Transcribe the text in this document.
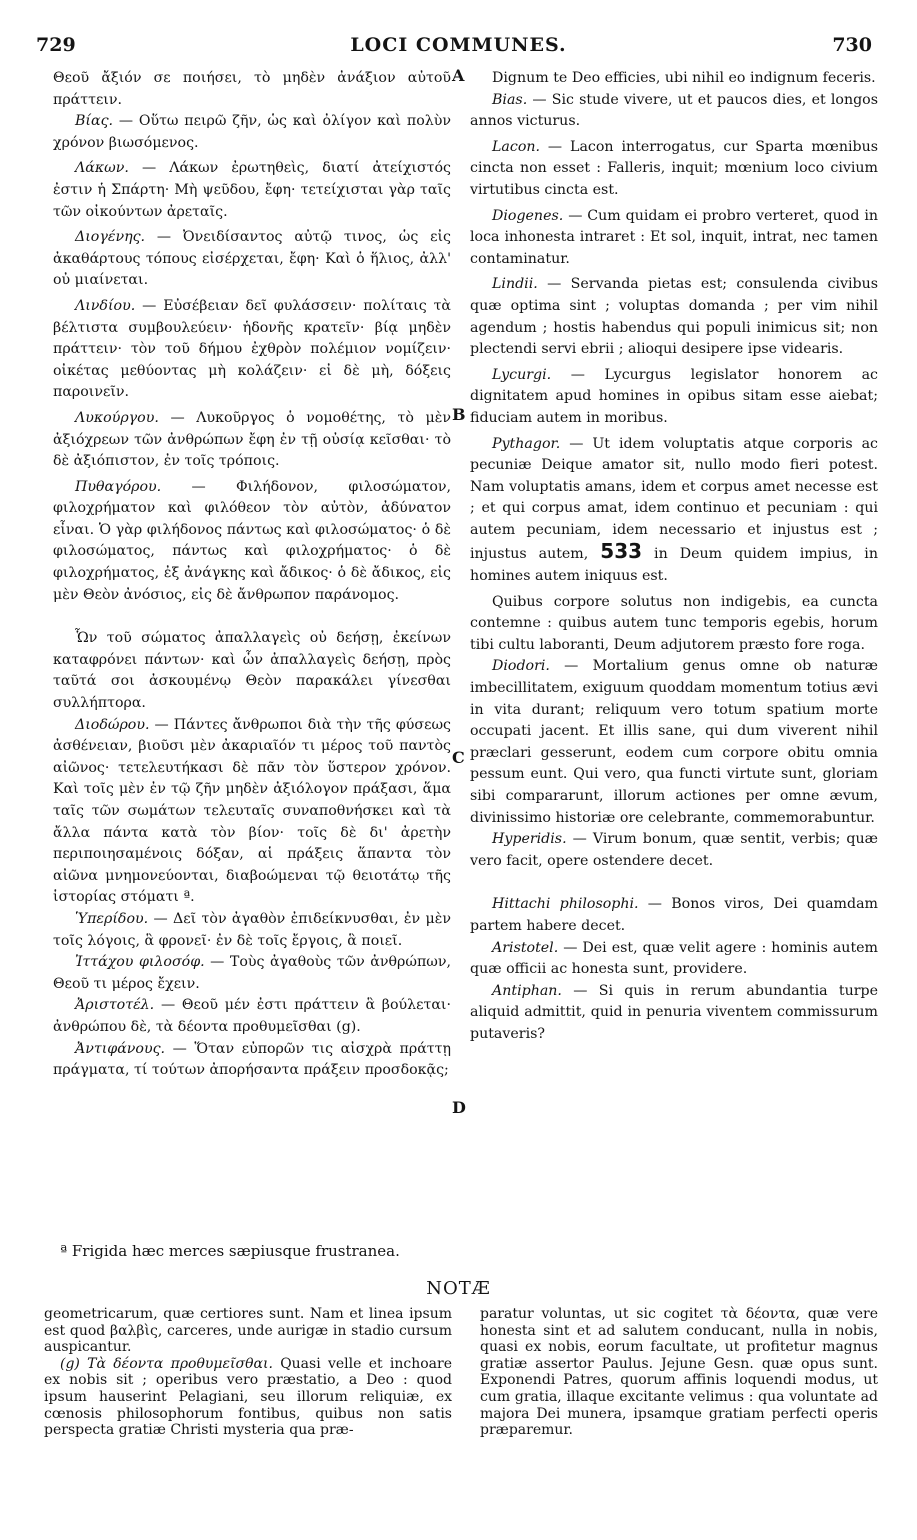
729	LOCI COMMUNES.	730
A
B
C
D

Θεοῦ ἄξιόν σε ποιήσει, τὸ μηδὲν ἀνάξιον αὐτοῦ πράττειν.

Βίας. — Οὕτω πειρῶ ζῆν, ὡς καὶ ὀλίγον καὶ πολὺν χρόνον βιωσόμενος.

Λάκων. — Λάκων ἐρωτηθεὶς, διατί ἀτείχιστός ἐστιν ἡ Σπάρτη· Μὴ ψεῦδου, ἔφη· τετείχισται γὰρ ταῖς τῶν οἰκούντων ἀρεταῖς.

Διογένης. — Ὀνειδίσαντος αὐτῷ τινος, ὡς εἰς ἀκαθάρτους τόπους εἰσέρχεται, ἔφη· Καὶ ὁ ἥλιος, ἀλλ' οὐ μιαίνεται.

Λινδίου. — Εὐσέβειαν δεῖ φυλάσσειν· πολίταις τὰ βέλτιστα συμβουλεύειν· ἡδονῆς κρατεῖν· βίᾳ μηδὲν πράττειν· τὸν τοῦ δήμου ἐχθρὸν πολέμιον νομίζειν· οἰκέτας μεθύοντας μὴ κολάζειν· εἰ δὲ μὴ, δόξεις παροινεῖν.

Λυκούργου. — Λυκοῦργος ὁ νομοθέτης, τὸ μὲν ἀξιόχρεων τῶν ἀνθρώπων ἔφη ἐν τῇ οὐσίᾳ κεῖσθαι· τὸ δὲ ἀξιόπιστον, ἐν τοῖς τρόποις.

Πυθαγόρου. — Φιλήδονον, φιλοσώματον, φιλοχρήματον καὶ φιλόθεον τὸν αὐτὸν, ἀδύνατον εἶναι. Ὁ γὰρ φιλήδονος πάντως καὶ φιλοσώματος· ὁ δὲ φιλοσώματος, πάντως καὶ φιλοχρήματος· ὁ δὲ φιλοχρήματος, ἐξ ἀνάγκης καὶ ἄδικος· ὁ δὲ ἄδικος, εἰς μὲν Θεὸν ἀνόσιος, εἰς δὲ ἄνθρωπον παράνομος.

Ὧν τοῦ σώματος ἀπαλλαγεὶς οὐ δεήσῃ, ἐκείνων καταφρόνει πάντων· καὶ ὧν ἀπαλλαγεὶς δεήσῃ, πρὸς ταῦτά σοι ἀσκουμένῳ Θεὸν παρακάλει γίνεσθαι συλλήπτορα.

Διοδώρου. — Πάντες ἄνθρωποι διὰ τὴν τῆς φύσεως ἀσθένειαν, βιοῦσι μὲν ἀκαριαῖόν τι μέρος τοῦ παντὸς αἰῶνος· τετελευτήκασι δὲ πᾶν τὸν ὕστερον χρόνον. Καὶ τοῖς μὲν ἐν τῷ ζῆν μηδὲν ἀξιόλογον πράξασι, ἅμα ταῖς τῶν σωμάτων τελευταῖς συναποθνήσκει καὶ τὰ ἄλλα πάντα κατὰ τὸν βίον· τοῖς δὲ δι' ἀρετὴν περιποιησαμένοις δόξαν, αἱ πράξεις ἅπαντα τὸν αἰῶνα μνημονεύονται, διαβοώμεναι τῷ θειοτάτῳ τῆς ἱστορίας στόματι ª.

Ὑπερίδου. — Δεῖ τὸν ἀγαθὸν ἐπιδείκνυσθαι, ἐν μὲν τοῖς λόγοις, ἃ φρονεῖ· ἐν δὲ τοῖς ἔργοις, ἃ ποιεῖ.

Ἰττάχου φιλοσόφ. — Τοὺς ἀγαθοὺς τῶν ἀνθρώπων, Θεοῦ τι μέρος ἔχειν.

Ἀριστοτέλ. — Θεοῦ μέν ἐστι πράττειν ἃ βούλεται· ἀνθρώπου δὲ, τὰ δέοντα προθυμεῖσθαι (g).

Ἀντιφάνους. — Ὅταν εὐπορῶν τις αἰσχρὰ πράττῃ πράγματα, τί τούτων ἀπορήσαντα πράξειν προσδοκᾷς;

Dignum te Deo efficies, ubi nihil eo indignum feceris.

Bias. — Sic stude vivere, ut et paucos dies, et longos annos victurus.

Lacon. — Lacon interrogatus, cur Sparta mœnibus cincta non esset : Falleris, inquit; mœnium loco civium virtutibus cincta est.

Diogenes. — Cum quidam ei probro verteret, quod in loca inhonesta intraret : Et sol, inquit, intrat, nec tamen contaminatur.

Lindii. — Servanda pietas est; consulenda civibus quæ optima sint ; voluptas domanda ; per vim nihil agendum ; hostis habendus qui populi inimicus sit; non plectendi servi ebrii ; alioqui desipere ipse videaris.

Lycurgi. — Lycurgus legislator honorem ac dignitatem apud homines in opibus sitam esse aiebat; fiduciam autem in moribus.

Pythagor. — Ut idem voluptatis atque corporis ac pecuniæ Deique amator sit, nullo modo fieri potest. Nam voluptatis amans, idem et corpus amet necesse est ; et qui corpus amat, idem continuo et pecuniam : qui autem pecuniam, idem necessario et injustus est ; injustus autem, 533 in Deum quidem impius, in homines autem iniquus est.

Quibus corpore solutus non indigebis, ea cuncta contemne : quibus autem tunc temporis egebis, horum tibi cultu laboranti, Deum adjutorem præsto fore roga.

Diodori. — Mortalium genus omne ob naturæ imbecillitatem, exiguum quoddam momentum totius ævi in vita durant; reliquum vero totum spatium morte occupati jacent. Et illis sane, qui dum viverent nihil præclari gesserunt, eodem cum corpore obitu omnia pessum eunt. Qui vero, qua functi virtute sunt, gloriam sibi compararunt, illorum actiones per omne ævum, divinissimo historiæ ore celebrante, commemorabuntur.

Hyperidis. — Virum bonum, quæ sentit, verbis; quæ vero facit, opere ostendere decet.

Hittachi philosophi. — Bonos viros, Dei quamdam partem habere decet.

Aristotel. — Dei est, quæ velit agere : hominis autem quæ officii ac honesta sunt, providere.

Antiphan. — Si quis in rerum abundantia turpe aliquid admittit, quid in penuria viventem commissurum putaveris?

ª Frigida hæc merces sæpiusque frustranea.
NOTÆ

geometricarum, quæ certiores sunt. Nam et linea ipsum est quod βαλβὶς, carceres, unde aurigæ in stadio cursum auspicantur.

(g) Τὰ δέοντα προθυμεῖσθαι. Quasi velle et inchoare ex nobis sit ; operibus vero præstatio, a Deo : quod ipsum hauserint Pelagiani, seu illorum reliquiæ, ex cœnosis philosophorum fontibus, quibus non satis perspecta gratiæ Christi mysteria qua præ-

paratur voluntas, ut sic cogitet τὰ δέοντα, quæ vere honesta sint et ad salutem conducant, nulla in nobis, quasi ex nobis, eorum facultate, ut profitetur magnus gratiæ assertor Paulus. Jejune Gesn. quæ opus sunt. Exponendi Patres, quorum affinis loquendi modus, ut cum gratia, illaque excitante velimus : qua voluntate ad majora Dei munera, ipsamque gratiam perfecti operis præparemur.
